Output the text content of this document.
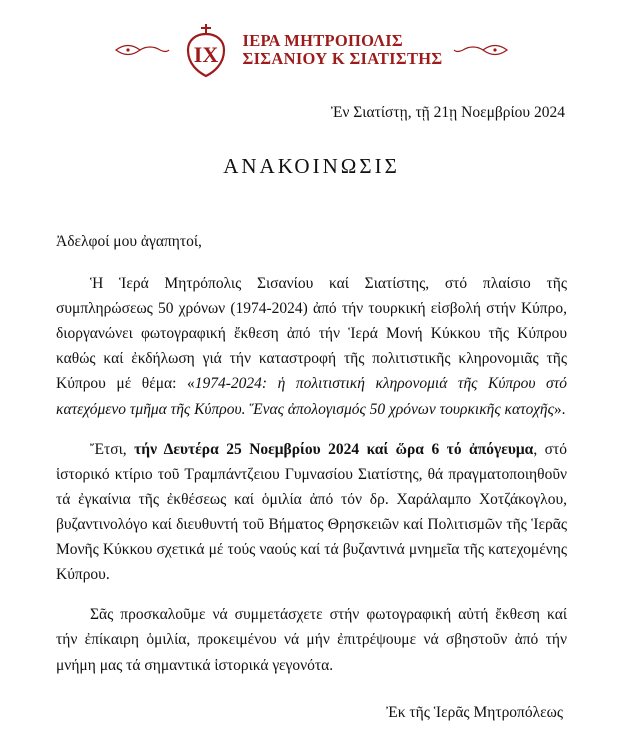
ΙΧ
ΙΕΡΑ ΜΗΤΡΟΠΟΛΙΣ
ΣΙΣΑΝΙΟΥ Κ ΣΙΑΤΙΣΤΗΣ
Ἐν Σιατίστῃ, τῇ 21ῃ Νοεμβρίου 2024
ΑΝΑΚΟΙΝΩΣΙΣ
Ἀδελφοί μου ἀγαπητοί,

Ἡ Ἱερά Μητρόπολις Σισανίου καί Σιατίστης, στό πλαίσιο τῆς συμπληρώσεως 50 χρόνων (1974-2024) ἀπό τήν τουρκική εἰσβολή στήν Κύπρο, διοργανώνει φωτογραφική ἔκθεση ἀπό τήν Ἱερά Μονή Κύκκου τῆς Κύπρου καθώς καί ἐκδήλωση γιά τήν καταστροφή τῆς πολιτιστικῆς κληρονομιᾶς τῆς Κύπρου μέ θέμα: «1974-2024: ἡ πολιτιστική κληρονομιά τῆς Κύπρου στό κατεχόμενο τμῆμα τῆς Κύπρου. Ἕνας ἀπολογισμός 50 χρόνων τουρκικῆς κατοχῆς».

Ἔτσι, τήν Δευτέρα 25 Νοεμβρίου 2024 καί ὥρα 6 τό ἀπόγευμα, στό ἱστορικό κτίριο τοῦ Τραμπάντζειου Γυμνασίου Σιατίστης, θά πραγματοποιηθοῦν τά ἐγκαίνια τῆς ἐκθέσεως καί ὁμιλία ἀπό τόν δρ. Χαράλαμπο Χοτζάκογλου, βυζαντινολόγο καί διευθυντή τοῦ Βήματος Θρησκειῶν καί Πολιτισμῶν τῆς Ἱερᾶς Μονῆς Κύκκου σχετικά μέ τούς ναούς καί τά βυζαντινά μνημεῖα τῆς κατεχομένης Κύπρου.

Σᾶς προσκαλοῦμε νά συμμετάσχετε στήν φωτογραφική αὐτή ἔκθεση καί τήν ἐπίκαιρη ὁμιλία, προκειμένου νά μήν ἐπιτρέψουμε νά σβηστοῦν ἀπό τήν μνήμη μας τά σημαντικά ἱστορικά γεγονότα.

Ἐκ τῆς Ἱερᾶς Μητροπόλεως
